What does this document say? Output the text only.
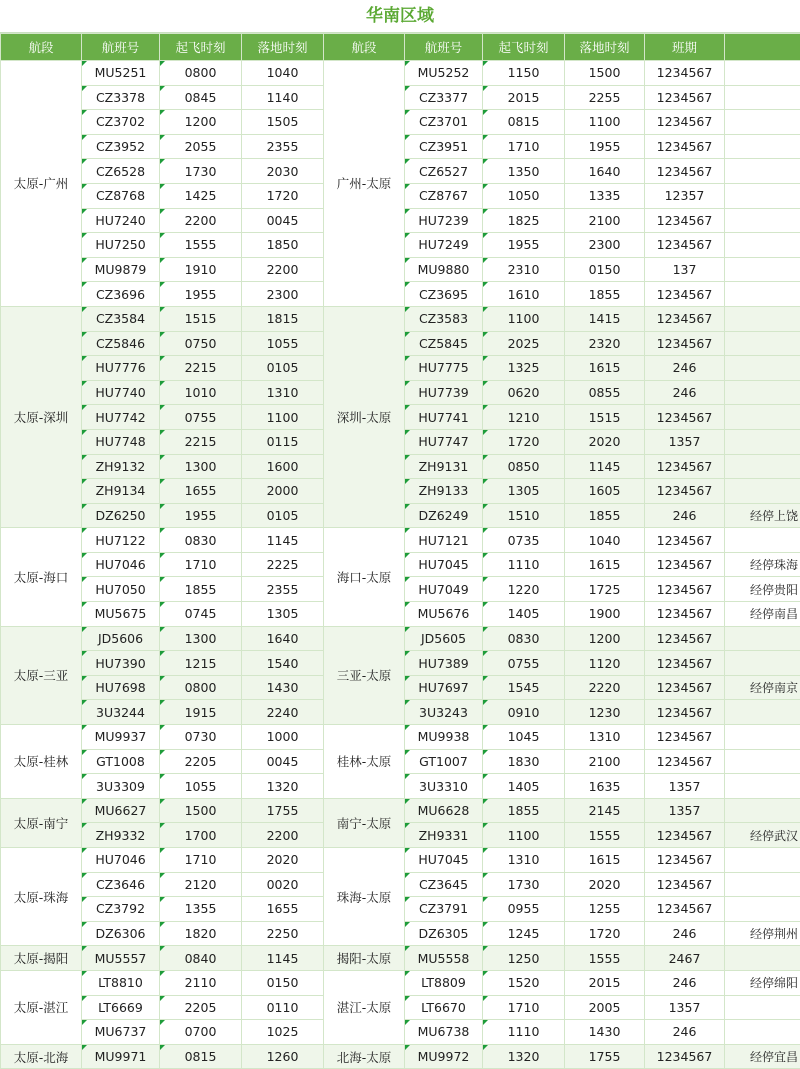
华南区域
航段	航班号	起飞时刻	落地时刻	航段	航班号	起飞时刻	落地时刻	班期	
太原-广州	MU5251	0800	1040	广州-太原	MU5252	1150	1500	1234567	
	CZ3378	0845	1140		CZ3377	2015	2255	1234567	
	CZ3702	1200	1505		CZ3701	0815	1100	1234567	
	CZ3952	2055	2355		CZ3951	1710	1955	1234567	
	CZ6528	1730	2030		CZ6527	1350	1640	1234567	
	CZ8768	1425	1720		CZ8767	1050	1335	12357	
	HU7240	2200	0045		HU7239	1825	2100	1234567	
	HU7250	1555	1850		HU7249	1955	2300	1234567	
	MU9879	1910	2200		MU9880	2310	0150	137	
	CZ3696	1955	2300		CZ3695	1610	1855	1234567	
太原-深圳	CZ3584	1515	1815	深圳-太原	CZ3583	1100	1415	1234567	
	CZ5846	0750	1055		CZ5845	2025	2320	1234567	
	HU7776	2215	0105		HU7775	1325	1615	246	
	HU7740	1010	1310		HU7739	0620	0855	246	
	HU7742	0755	1100		HU7741	1210	1515	1234567	
	HU7748	2215	0115		HU7747	1720	2020	1357	
	ZH9132	1300	1600		ZH9131	0850	1145	1234567	
	ZH9134	1655	2000		ZH9133	1305	1605	1234567	
	DZ6250	1955	0105		DZ6249	1510	1855	246	经停上饶
太原-海口	HU7122	0830	1145	海口-太原	HU7121	0735	1040	1234567	
	HU7046	1710	2225		HU7045	1110	1615	1234567	经停珠海
	HU7050	1855	2355		HU7049	1220	1725	1234567	经停贵阳
	MU5675	0745	1305		MU5676	1405	1900	1234567	经停南昌
太原-三亚	JD5606	1300	1640	三亚-太原	JD5605	0830	1200	1234567	
	HU7390	1215	1540		HU7389	0755	1120	1234567	
	HU7698	0800	1430		HU7697	1545	2220	1234567	经停南京
	3U3244	1915	2240		3U3243	0910	1230	1234567	
太原-桂林	MU9937	0730	1000	桂林-太原	MU9938	1045	1310	1234567	
	GT1008	2205	0045		GT1007	1830	2100	1234567	
	3U3309	1055	1320		3U3310	1405	1635	1357	
太原-南宁	MU6627	1500	1755	南宁-太原	MU6628	1855	2145	1357	
	ZH9332	1700	2200		ZH9331	1100	1555	1234567	经停武汉
太原-珠海	HU7046	1710	2020	珠海-太原	HU7045	1310	1615	1234567	
	CZ3646	2120	0020		CZ3645	1730	2020	1234567	
	CZ3792	1355	1655		CZ3791	0955	1255	1234567	
	DZ6306	1820	2250		DZ6305	1245	1720	246	经停荆州
太原-揭阳	MU5557	0840	1145	揭阳-太原	MU5558	1250	1555	2467	
太原-湛江	LT8810	2110	0150	湛江-太原	LT8809	1520	2015	246	经停绵阳
	LT6669	2205	0110		LT6670	1710	2005	1357	
	MU6737	0700	1025		MU6738	1110	1430	246	
太原-北海	MU9971	0815	1260	北海-太原	MU9972	1320	1755	1234567	经停宜昌
